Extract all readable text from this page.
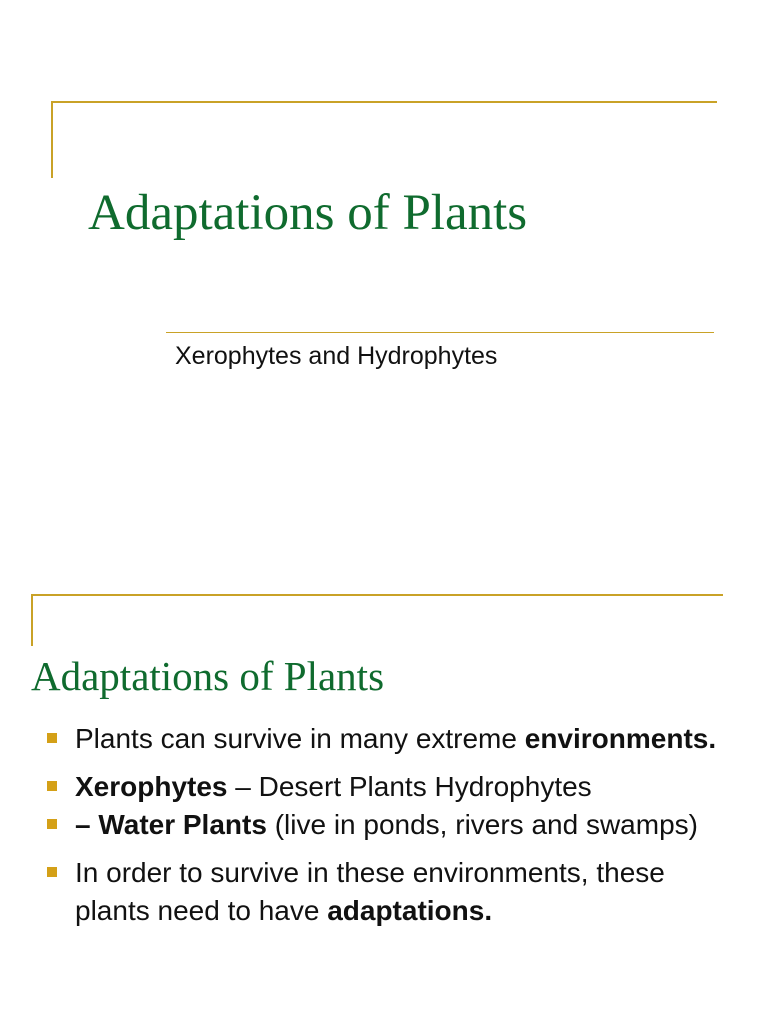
Adaptations of Plants

Xerophytes and Hydrophytes

Adaptations of Plants
Plants can survive in many extreme environments.
Xerophytes – Desert Plants Hydrophytes
– Water Plants (live in ponds, rivers and swamps)
In order to survive in these environments, these plants need to have adaptations.
